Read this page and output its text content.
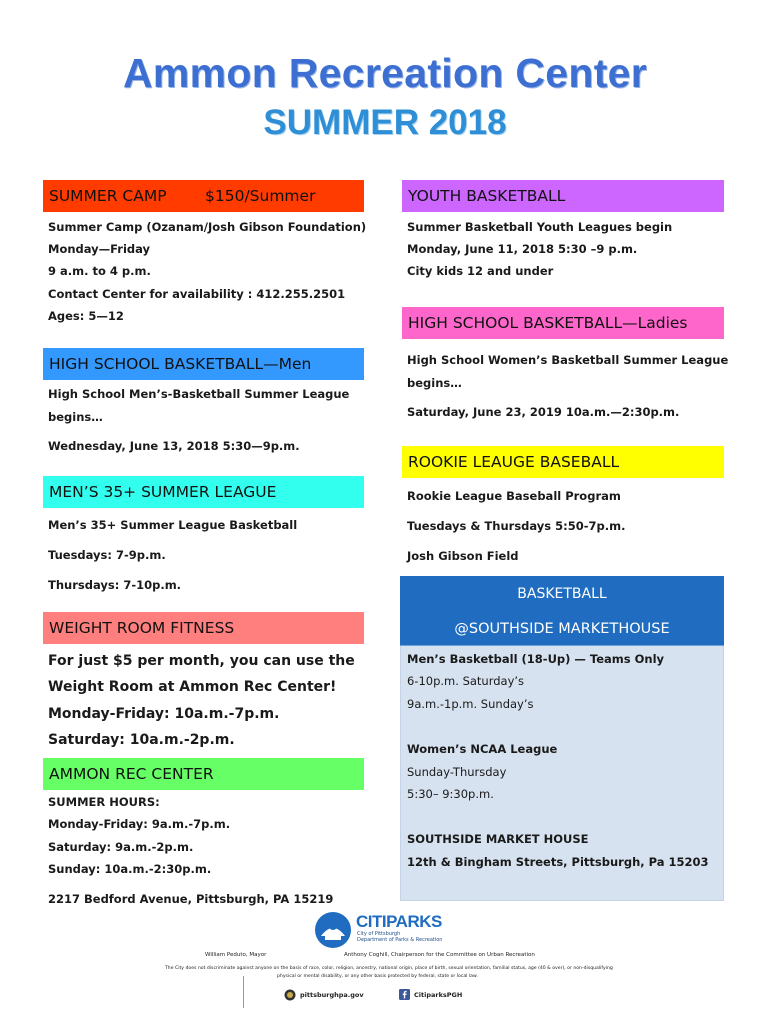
Ammon Recreation Center
SUMMER 2018
SUMMER CAMP $150/Summer
Summer Camp (Ozanam/Josh Gibson Foundation)
Monday—Friday
9 a.m. to 4 p.m.
Contact Center for availability : 412.255.2501
Ages: 5—12
HIGH SCHOOL BASKETBALL—Men
High School Men’s-Basketball Summer League
begins…
Wednesday, June 13, 2018 5:30—9p.m.
MEN’S 35+ SUMMER LEAGUE
Men’s 35+ Summer League Basketball
Tuesdays: 7-9p.m.
Thursdays: 7-10p.m.
WEIGHT ROOM FITNESS
For just $5 per month, you can use the
Weight Room at Ammon Rec Center!
Monday-Friday: 10a.m.-7p.m.
Saturday: 10a.m.-2p.m.
AMMON REC CENTER
SUMMER HOURS:
Monday-Friday: 9a.m.-7p.m.
Saturday: 9a.m.-2p.m.
Sunday: 10a.m.-2:30p.m.
2217 Bedford Avenue, Pittsburgh, PA 15219
YOUTH BASKETBALL
Summer Basketball Youth Leagues begin
Monday, June 11, 2018 5:30 –9 p.m.
City kids 12 and under
HIGH SCHOOL BASKETBALL—Ladies
High School Women’s Basketball Summer League
begins…
Saturday, June 23, 2019 10a.m.—2:30p.m.
ROOKIE LEAUGE BASEBALL
Rookie League Baseball Program
Tuesdays & Thursdays 5:50-7p.m.
Josh Gibson Field
BASKETBALL
@SOUTHSIDE MARKETHOUSE
Men’s Basketball (18-Up) — Teams Only
6-10p.m. Saturday’s
9a.m.-1p.m. Sunday’s
Women’s NCAA League
Sunday-Thursday
5:30– 9:30p.m.
SOUTHSIDE MARKET HOUSE
12th & Bingham Streets, Pittsburgh, Pa 15203
CITIPARKS
City of Pittsburgh
Department of Parks & Recreation
William Peduto, Mayor	Anthony Coghill, Chairperson for the Committee on Urban Recreation
The City does not discriminate against anyone on the basis of race, color, religion, ancestry, national origin, place of birth, sexual orientation, familial status, age (40 & over), or non-disqualifying
physical or mental disability, or any other basis protected by federal, state or local law.
pittsburghpa.gov	CitiparksPGH
